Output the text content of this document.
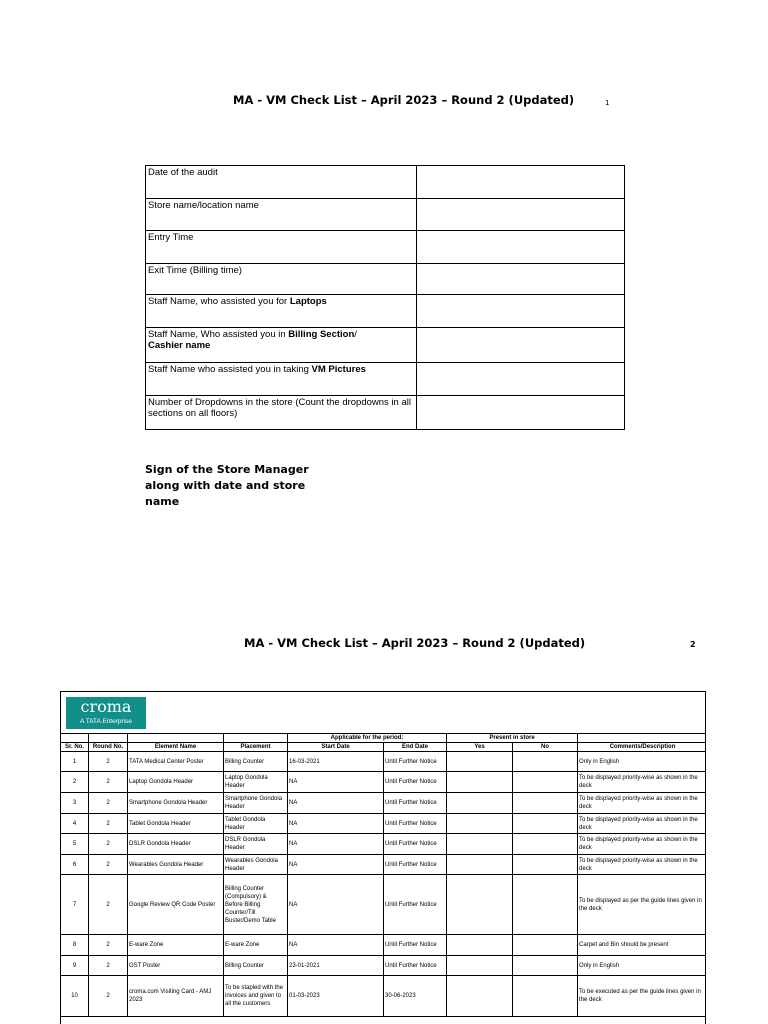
MA - VM Check List – April 2023 – Round 2 (Updated)	1
Date of the audit	
Store name/location name	
Entry Time	
Exit Time (Billing time)	
Staff Name, who assisted you for Laptops	
Staff Name, Who assisted you in Billing Section/
Cashier name	
Staff Name who assisted you in taking VM Pictures	
Number of Dropdowns in the store (Count the dropdowns in all sections on all floors)	
Sign of the Store Manager along with date and store name
MA - VM Check List – April 2023 – Round 2 (Updated)	2
croma
A TATA Enterprise
				Applicable for the period:		Present in store		
Sr. No.	Round No.	Element Name	Placement	Start Date	End Date	Yes	No	Comments/Description
1	2	TATA Medical Center Poster	Billing Counter	16-03-2021	Until Further Notice			Only in English
2	2	Laptop Gondola Header	Laptop Gondola Header	NA	Until Further Notice			To be displayed priority-wise as shown in the deck
3	2	Smartphone Gondola Header	Smartphone Gondola Header	NA	Until Further Notice			To be displayed priority-wise as shown in the deck
4	2	Tablet Gondola Header	Tablet Gondola Header	NA	Until Further Notice			To be displayed priority-wise as shown in the deck
5	2	DSLR Gondola Header	DSLR Gondola Header	NA	Until Further Notice			To be displayed priority-wise as shown in the deck
6	2	Wearables Gondola Header	Wearables Gondola Header	NA	Until Further Notice			To be displayed priority-wise as shown in the deck
7	2	Google Review QR Code Poster	Billing Counter (Compulsory) & Before Billing Counter/Till Buster/Demo Table	NA	Until Further Notice			To be displayed as per the guide lines given in the deck
8	2	E-ware Zone	E-ware Zone	NA	Until Further Notice			Carpet and Bin should be present
9	2	GST Poster	Billing Counter	23-01-2021	Until Further Notice			Only in English
10	2	croma.com Visiting Card - AMJ 2023	To be stapled with the invoices and given to all the customers	01-03-2023	30-06-2023			To be executed as per the guide lines given in the deck
